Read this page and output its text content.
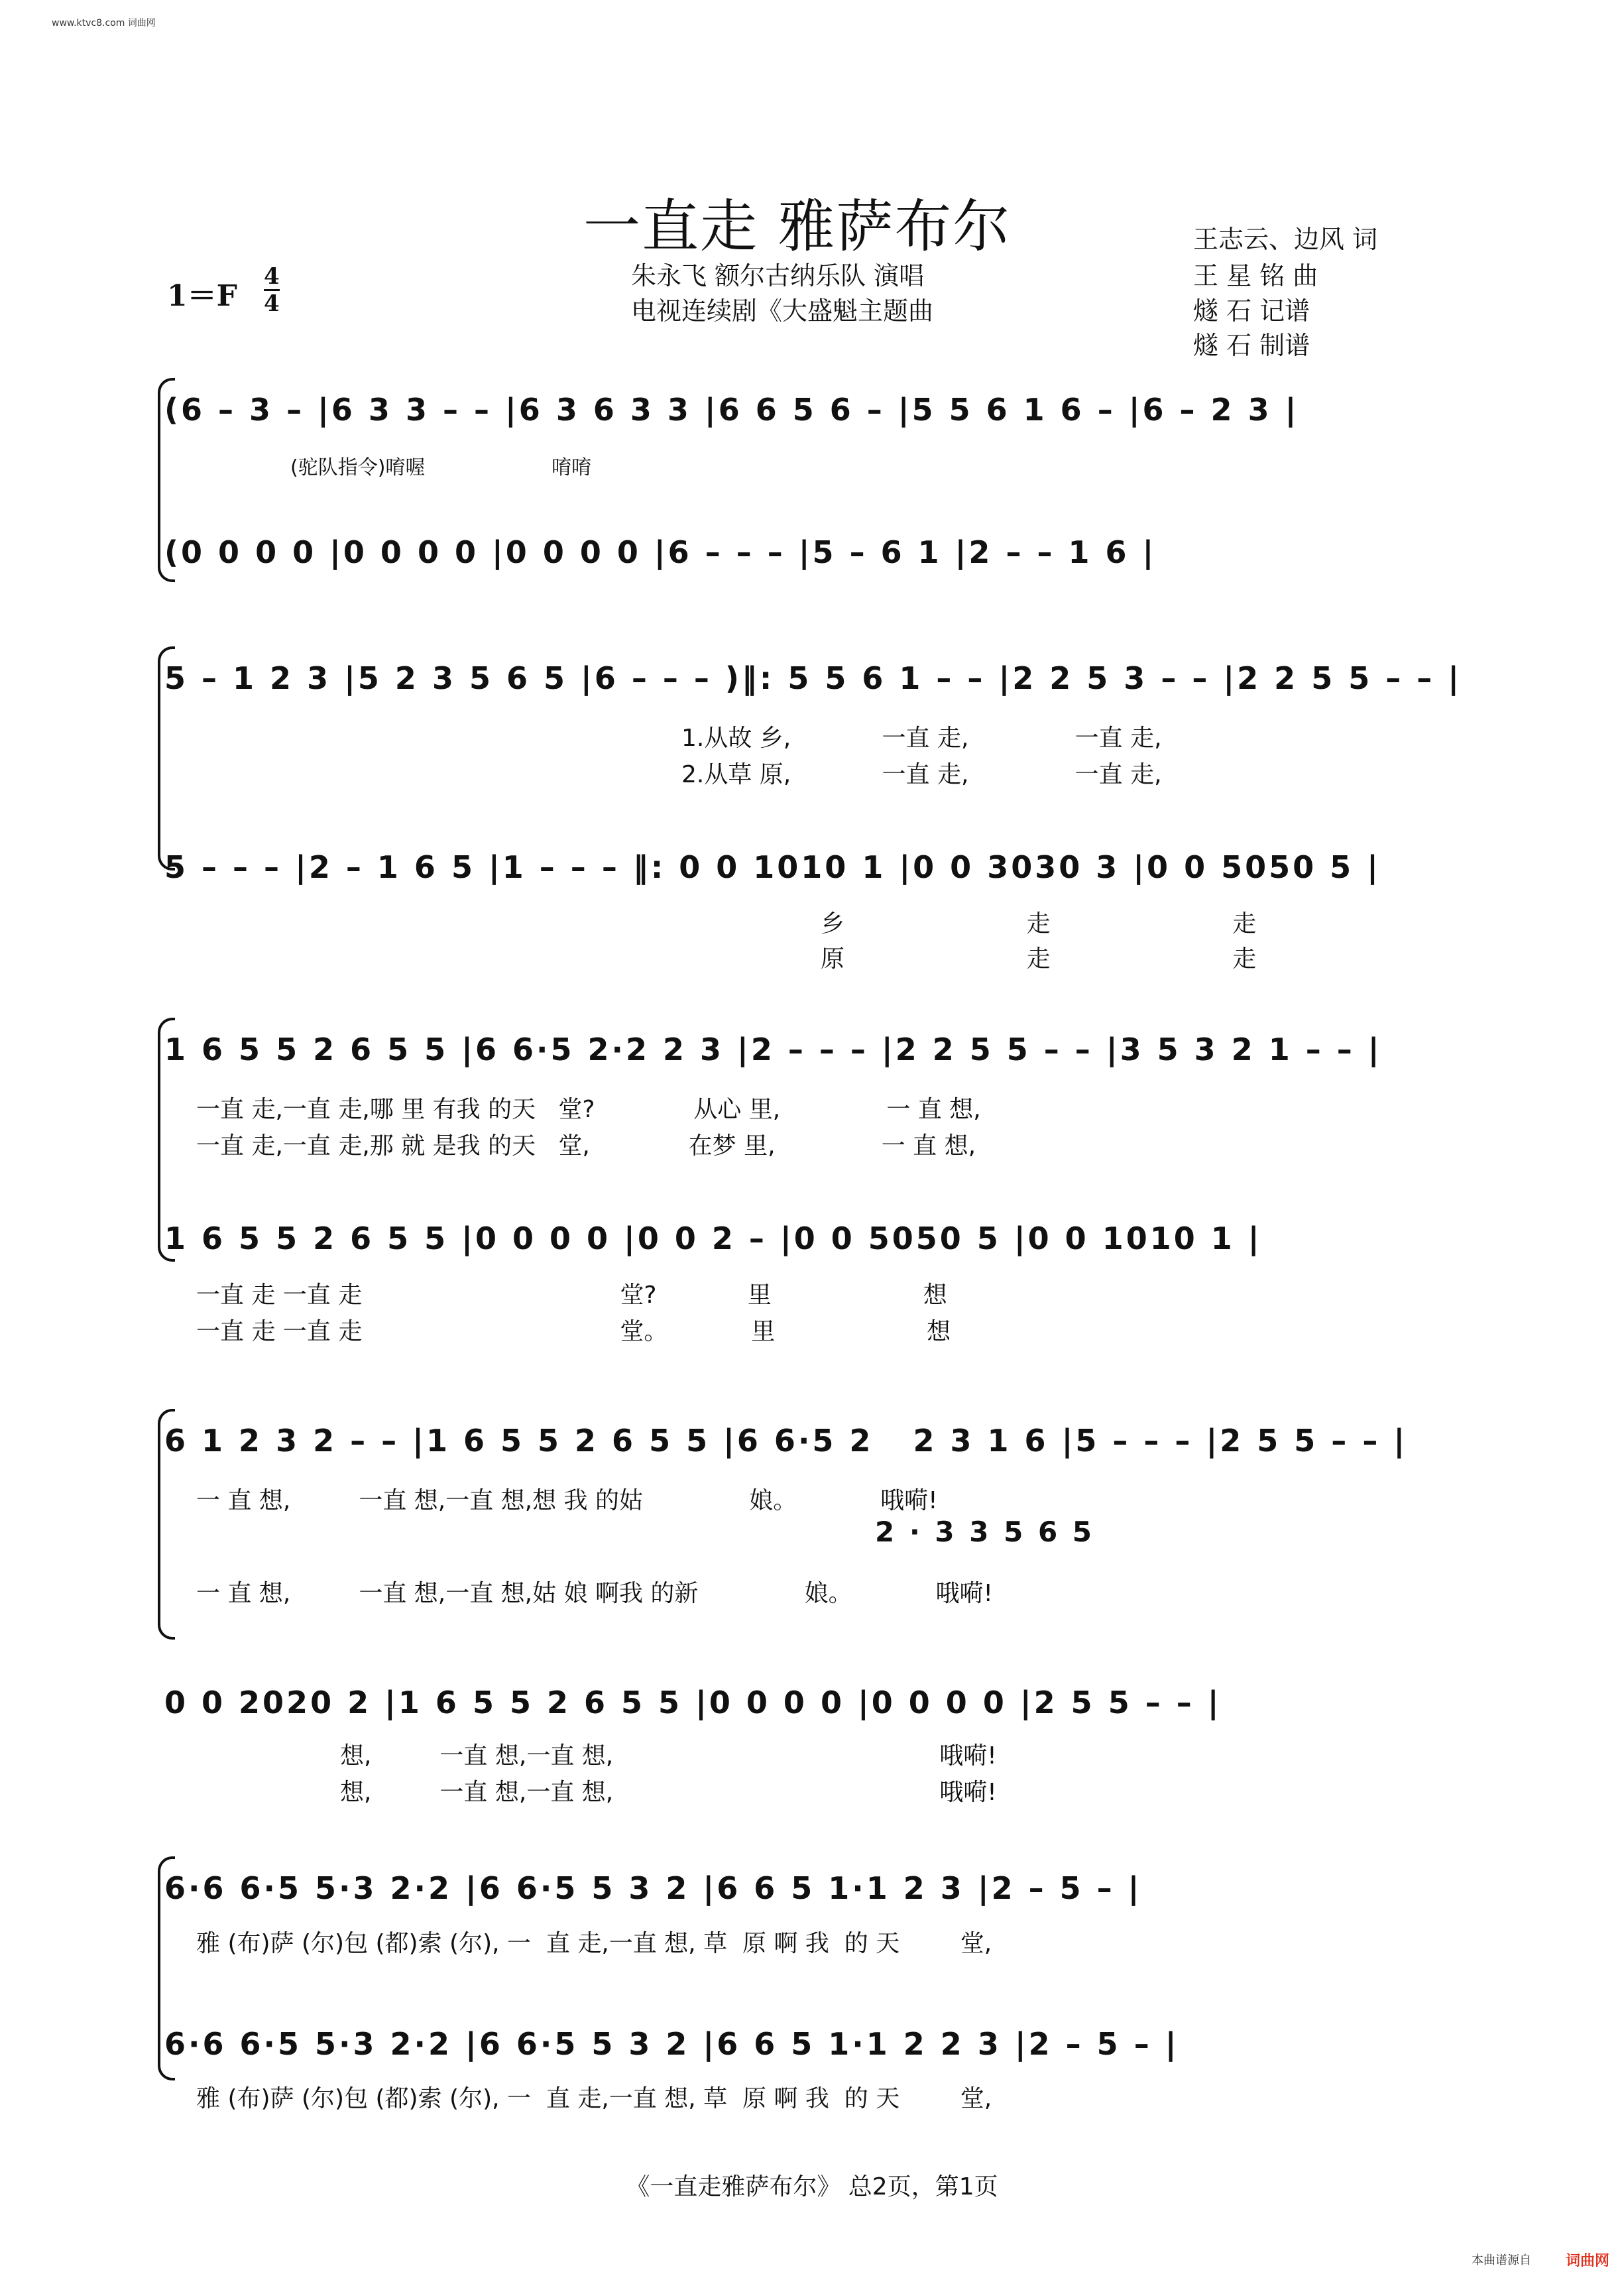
www.ktvc8.com 词曲网
一直走 雅萨布尔
朱永飞 额尔古纳乐队 演唱
电视连续剧《大盛魁主题曲
王志云、边风 词
王 星 铭 曲
燧 石 记谱
燧 石 制谱
1＝F
4
4
(6 – 3 – |6 3 3 – – |6 3 6 3 3 |6 6 5 6 – |5 5 6 1 6 – |6 – 2 3 |
(驼队指令)唷喔                    唷唷
(0 0 0 0 |0 0 0 0 |0 0 0 0 |6 – – – |5 – 6 1 |2 – – 1 6 |
5 – 1 2 3 |5 2 3 5 6 5 |6 – – – )‖: 5 5 6 1 – – |2 2 5 3 – – |2 2 5 5 – – |
1.从故 乡,            一直 走,              一直 走,
2.从草 原,            一直 走,              一直 走,
5 – – – |2 – 1 6 5 |1 – – – ‖: 0 0 1010 1 |0 0 3030 3 |0 0 5050 5 |
乡                        走                        走
原                        走                        走
1 6 5 5 2 6 5 5 |6 6·5 2·2 2 3 |2 – – – |2 2 5 5 – – |3 5 3 2 1 – – |
一直 走,一直 走,哪 里 有我 的天   堂?             从心 里,              一 直 想,
一直 走,一直 走,那 就 是我 的天   堂,             在梦 里,              一 直 想,
1 6 5 5 2 6 5 5 |0 0 0 0 |0 0 2 – |0 0 5050 5 |0 0 1010 1 |
一直 走 一直 走                                  堂?            里                    想
一直 走 一直 走                                  堂。           里                    想
6 1 2 3 2 – – |1 6 5 5 2 6 5 5 |6 6·5 2   2 3 1 6 |5 – – – |2 5 5 – – |
一 直 想,         一直 想,一直 想,想 我 的姑              娘。           哦嗬!
2 · 3 3 5 6 5
一 直 想,         一直 想,一直 想,姑 娘 啊我 的新              娘。           哦嗬!
0 0 2020 2 |1 6 5 5 2 6 5 5 |0 0 0 0 |0 0 0 0 |2 5 5 – – |
想,         一直 想,一直 想,                                           哦嗬!
想,         一直 想,一直 想,                                           哦嗬!
6·6 6·5 5·3 2·2 |6 6·5 5 3 2 |6 6 5 1·1 2 3 |2 – 5 – |
雅 (布)萨 (尔)包 (都)索 (尔), 一  直 走,一直 想, 草  原 啊 我  的 天        堂,
6·6 6·5 5·3 2·2 |6 6·5 5 3 2 |6 6 5 1·1 2 2 3 |2 – 5 – |
雅 (布)萨 (尔)包 (都)索 (尔), 一  直 走,一直 想, 草  原 啊 我  的 天        堂,
《一直走雅萨布尔》 总2页，第1页
本曲谱源自 词曲网
